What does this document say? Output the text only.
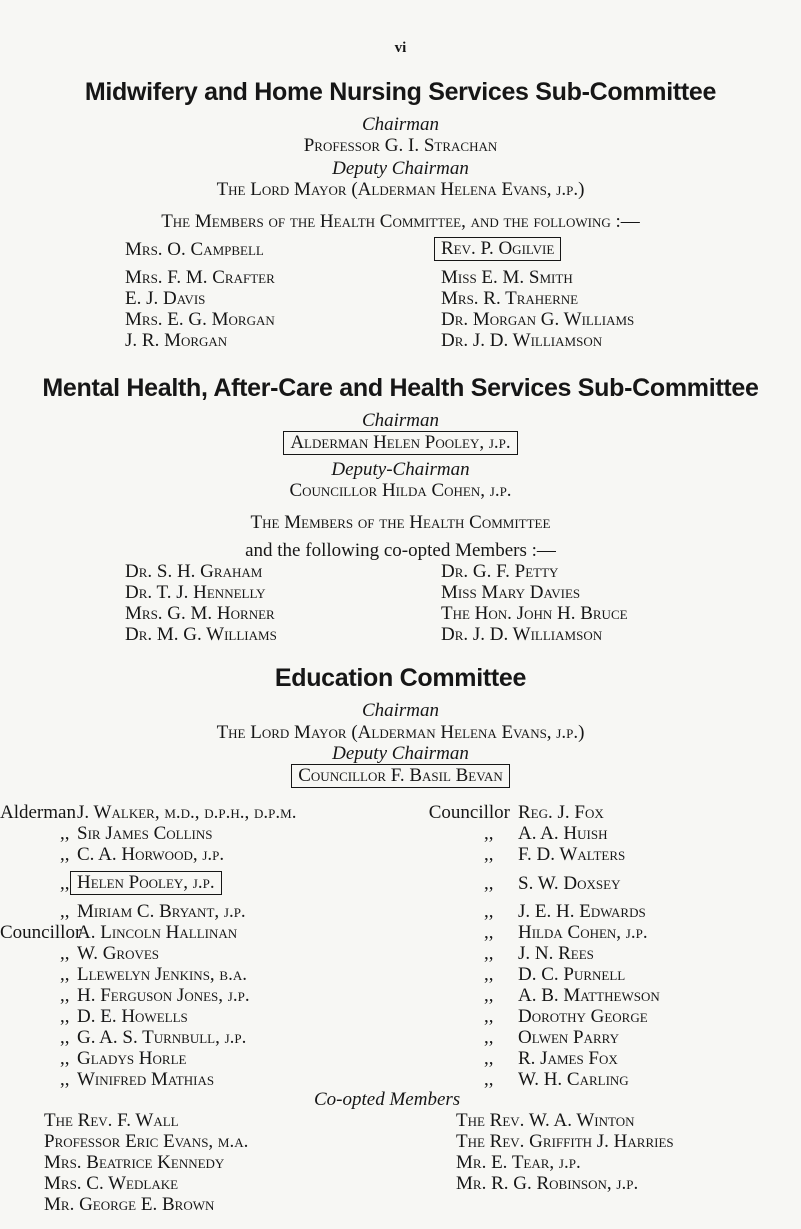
vi
Midwifery and Home Nursing Services Sub-Committee
Chairman
Professor G. I. Strachan
Deputy Chairman
The Lord Mayor (Alderman Helena Evans, j.p.)
The Members of the Health Committee, and the following :—
Mrs. O. Campbell
Mrs. F. M. Crafter
E. J. Davis
Mrs. E. G. Morgan
J. R. Morgan
Rev. P. Ogilvie
Miss E. M. Smith
Mrs. R. Traherne
Dr. Morgan G. Williams
Dr. J. D. Williamson
Mental Health, After-Care and Health Services Sub-Committee
Chairman
Alderman Helen Pooley, j.p.
Deputy-Chairman
Councillor Hilda Cohen, j.p.
The Members of the Health Committee
and the following co-opted Members :—
Dr. S. H. Graham
Dr. T. J. Hennelly
Mrs. G. M. Horner
Dr. M. G. Williams
Dr. G. F. Petty
Miss Mary Davies
The Hon. John H. Bruce
Dr. J. D. Williamson
Education Committee
Chairman
The Lord Mayor (Alderman Helena Evans, j.p.)
Deputy Chairman
Councillor F. Basil Bevan
Alderman J. Walker, m.d., d.p.h., d.p.m.
,, Sir James Collins
,, C. A. Horwood, j.p.
,, Helen Pooley, j.p.
,, Miriam C. Bryant, j.p.
Councillor
A. Lincoln Hallinan
,, W. Groves
,, Llewelyn Jenkins, b.a.
,, H. Ferguson Jones, j.p.
,, D. E. Howells
,, G. A. S. Turnbull, j.p.
,, Gladys Horle
,, Winifred Mathias
Councillor Reg. J. Fox
,, A. A. Huish
,, F. D. Walters
,, S. W. Doxsey
,, J. E. H. Edwards
,, Hilda Cohen, j.p.
,, J. N. Rees
,, D. C. Purnell
,, A. B. Matthewson
,, Dorothy George
,, Olwen Parry
,, R. James Fox
,, W. H. Carling
Co-opted Members
The Rev. F. Wall
Professor Eric Evans, m.a.
Mrs. Beatrice Kennedy
Mrs. C. Wedlake
Mr. George E. Brown
The Rev. W. A. Winton
The Rev. Griffith J. Harries
Mr. E. Tear, j.p.
Mr. R. G. Robinson, j.p.
